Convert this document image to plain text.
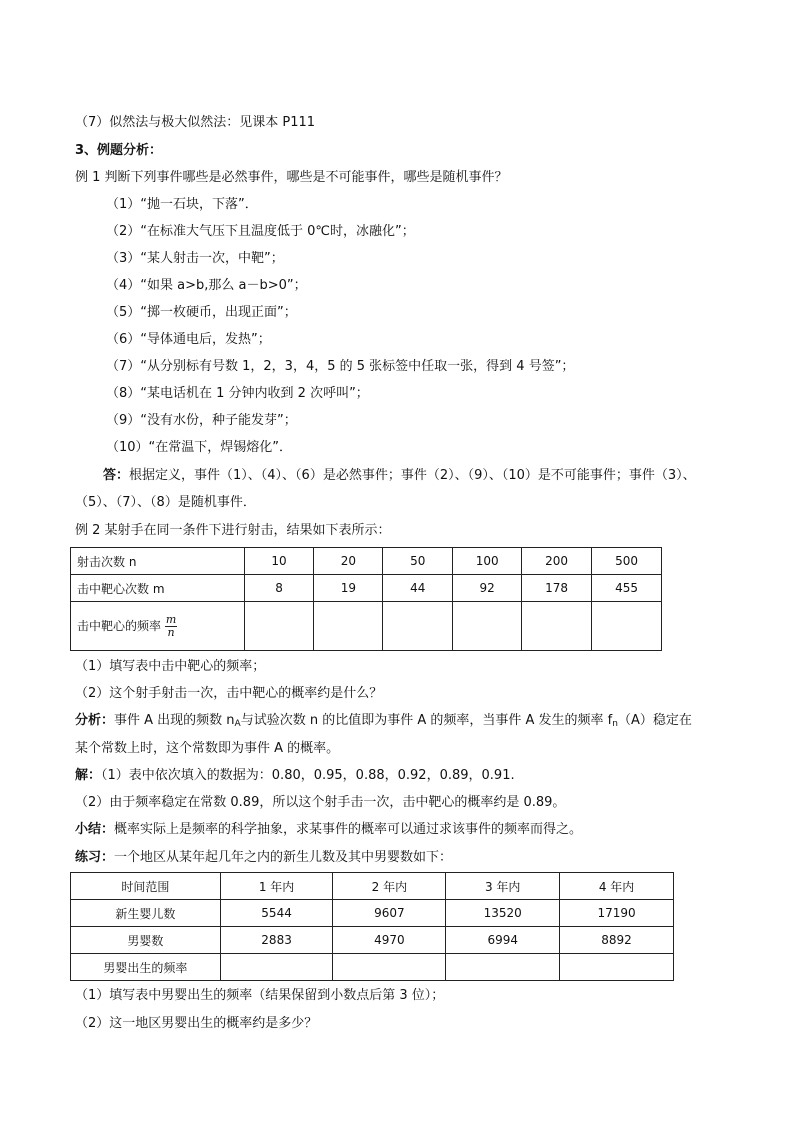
（7）似然法与极大似然法：见课本 P111
3、例题分析：
例 1 判断下列事件哪些是必然事件，哪些是不可能事件，哪些是随机事件？
（1）“抛一石块，下落”．
（2）“在标准大气压下且温度低于 0℃时，冰融化”；
（3）“某人射击一次，中靶”；
（4）“如果 a>b,那么 a－b>0”；
（5）“掷一枚硬币，出现正面”；
（6）“导体通电后，发热”；
（7）“从分别标有号数 1，2，3，4，5 的 5 张标签中任取一张，得到 4 号签”；
（8）“某电话机在 1 分钟内收到 2 次呼叫”；
（9）“没有水份，种子能发芽”；
（10）“在常温下，焊锡熔化”．
答：根据定义，事件（1）、（4）、（6）是必然事件；事件（2）、（9）、（10）是不可能事件；事件（3）、
（5）、（7）、（8）是随机事件．
例 2 某射手在同一条件下进行射击，结果如下表所示：
射击次数 n	10	20	50	100	200	500
击中靶心次数 m	8	19	44	92	178	455
击中靶心的频率 $\frac{m}{n}$

（1）填写表中击中靶心的频率；
（2）这个射手射击一次，击中靶心的概率约是什么？
分析：事件 A 出现的频数 $n_A$与试验次数 n 的比值即为事件 A 的频率，当事件 A 发生的频率 $f_n(A)$稳定在
某个常数上时，这个常数即为事件 A 的概率。
解：（1）表中依次填入的数据为：0.80，0.95，0.88，0.92，0.89，0.91.
（2）由于频率稳定在常数 0.89，所以这个射手击一次，击中靶心的概率约是 0.89。
小结：概率实际上是频率的科学抽象，求某事件的概率可以通过求该事件的频率而得之。
练习：一个地区从某年起几年之内的新生儿数及其中男婴数如下：
时间范围	1 年内	2 年内	3 年内	4 年内
新生婴儿数	5544	9607	13520	17190
男婴数	2883	4970	6994	8892
男婴出生的频率				
（1）填写表中男婴出生的频率（结果保留到小数点后第 3 位）；
（2）这一地区男婴出生的概率约是多少？
